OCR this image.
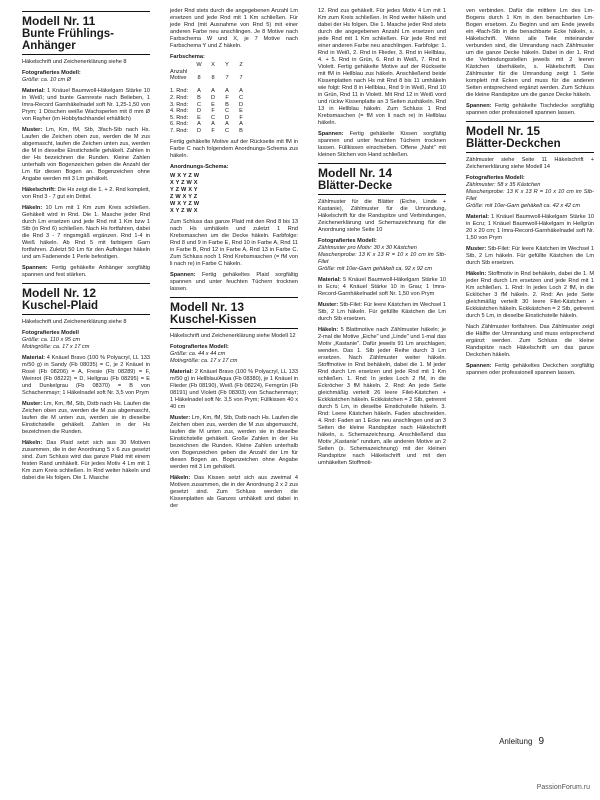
Modell Nr. 11
Bunte Frühlings-Anhänger

Häkelschrift und Zeichenerklärung siehe 8

Fotografiertes Modell:
Größe: ca. 10 cm Ø

Material: 1 Knäuel Baumwoll-Häkelgarn Stärke 10 in Weiß; und bunte Garnreste nach Belieben, 1 Imra-Record Garnhäkelnadel soft Nr. 1,25-1,50 von Prym; 1 Döschen weiße Wachsperlen mit 8 mm Ø von Rayher (im Hobbyfachhandel erhältlich)

Muster: Lm, Km, fM, Stb, 3fach-Stb nach Hs. Laufen die Zeichen oben zus, werden die M zus abgemascht, laufen die Zeichen unten zus, werden die M in dieselbe Einstichstelle gehäkelt. Zahlen in der Hs bezeichnen die Runden. Kleine Zahlen unterhalb von Bogenzeichen geben die Anzahl der Lm für diesen Bogen an. Bogenzeichen ohne Angabe werden mit 3 Lm gehäkelt.

Häkelschrift: Die Hs zeigt die 1. + 2. Rnd komplett, von Rnd 3 - 7 gut ein Drittel.

Häkeln: 10 Lm mit 1 Km zum Kreis schließen. Gehäkelt wird in Rnd. Die 1. Masche jeder Rnd durch Lm ersetzen und jede Rnd mit 1 Km bzw 1 Stb (in Rnd 6) schließen. Nach Hs fortfahren, dabei die Rnd 3 - 7 ringsmgäß ergänzen. Rnd 1-4 in Weiß häkeln. Ab Rnd 5 mit farbigem Garn fortfahren. Zuletzt 50 Lm für den Aufhänger häkeln und am Fadenende 1 Perle befestigen.

Spannen: Fertig gehäkelte Anhänger sorgfältig spannen und fest stärken.

Modell Nr. 12
Kuschel-Plaid

Häkelschrift und Zeichenerklärung siehe 8

Fotografiertes Modell
Größe: ca. 110 x 95 cm
Motivgröße: ca. 17 x 17 cm

Material: 4 Knäuel Bravo (100 % Polyacryl, LL 133 m/50 g) in Sandy (Fb 08035) = C, je 2 Knäuel in Rosé (Fb 08206) = A, Fresie (Fb 08289) = F, Weinrot (Fb 08222) = D, Hellgrau (Fb 08295) = E und Dunkelgrau (Fb 08370) = B von Schachenmayr; 1 Häkelnadel soft Nr. 3,5 von Prym

Muster: Lm, Km, fM, Stb, Dstb nach Hs. Laufen die Zeichen oben zus, werden die M zus abgemascht, laufen die M unten zus, werden sie in dieselbe Einstichstelle gehäkelt. Zahlen in der Hs bezeichnen die Runden.

Häkeln: Das Plaid setzt sich aus 30 Motiven zusammen, die in der Anordnung 5 x 6 zus gesetzt sind. Zum Schluss wird das ganze Plaid mit einem festen Rand umhäkelt. Für jedes Motiv 4 Lm mit 1 Km zum Kreis schließen. In Rnd weiter häkeln und dabei die Hs folgen. Die 1. Masche

jeder Rnd stets durch die angegebenen Anzahl Lm ersetzen und jede Rnd mit 1 Km schließen. Für jede Rnd (mit Ausnahme von Rnd 5) mit einer anderen Farbe neu anschlingen. Je 8 Motive nach Farbschema W und X, je 7 Motive nach Farbschema Y und Z häkeln.

Farbschema:
	W	X	Y	Z
Anzahl				
Motive	8	8	7	7

1. Rnd:	A	A	A	A
2. Rnd:	B	D	F	C
3. Rnd:	C	E	B	D
4. Rnd:	D	F	C	E
5. Rnd:	E	C	D	F
6. Rnd:	A	A	A	A
7. Rnd:	D	F	C	B

Fertig gehäkelte Motive auf der Rückseite mit fM in Farbe C nach folgendem Anordnungs-Schema zus häkeln.

Anordnungs-Schema:
W X Y Z W
X Y Z W X
Y Z W X Y
Z W X Y Z
W X Y Z W
X Y Z W X

Zum Schluss das ganze Plaid mit den Rnd 8 bis 13 nach Hs umhäkeln und zuletzt 1 Rnd Krebsmaschen um die Decke häkeln. Farbfolge: Rnd 8 und 9 in Farbe E, Rnd 10 in Farbe A, Rnd 11 in Farbe B, Rnd 12 in Farbe A, Rnd 13 in Farbe C. Zum Schluss noch 1 Rnd Krebsmaschen (= fM von li nach re) in Farbe C häkeln.

Spannen: Fertig gehäkeltes Plaid sorgfältig spannen und unter feuchten Tüchern trocknen lassen.

Modell Nr. 13
Kuschel-Kissen

Häkelschrift und Zeichenerklärung siehe Modell 12

Fotografiertes Modell:
Größe: ca. 44 x 44 cm
Motivgröße: ca. 17 x 17 cm

Material: 2 Knäuel Bravo (100 % Polyacryl, LL 133 m/50 g) in Hellblau/Aqua (Fb 08380), je 1 Knäuel in Flieder (Fb 08190), Weiß (Fb 08224), Ferngrün (Fb 08191) und Violett (Fb 08303) von Schachenmayr; 1 Häkelnadel soft Nr. 3,5 von Prym; Füllkissen 40 x 40 cm

Muster: Lm, Km, fM, Stb, Dstb nach Hs. Laufen die Zeichen oben zus, werden die M zus abgemascht, laufen die M unten zus, werden sie in dieselbe Einstichstelle gehäkelt. Große Zahlen in der Hs bezeichnen die Runden. Kleine Zahlen unterhalb von Bogenzeichen geben die Anzahl der Lm für diesen Bogen an. Bogenzeichen ohne Angabe werden mit 3 Lm gehäkelt.

Häkeln: Das Kissen setzt sich aus zweimal 4 Motiven zusammen, die in der Anordnung 2 x 2 zus gesetzt sind. Zum Schluss werden die Kissenplatten als Ganzes umhäkelt und dabei in der

12. Rnd zus gehäkelt. Für jedes Motiv 4 Lm mit 1 Km zum Kreis schließen. In Rnd weiter häkeln und dabei der Hs folgen. Die 1. Masche jeder Rnd stets durch die angegebenen Anzahl Lm ersetzen und jede Rnd mit 1 Km schließen. Für jede Rnd mit einer anderen Farbe neu anschlingen. Farbfolge: 1. Rnd in Weiß, 2. Rnd in Flieder, 3. Rnd in Hellblau, 4. + 5. Rnd in Grün, 6. Rnd in Weiß, 7. Rnd in Violett. Fertig gehäkelte Motive auf der Rückseite mit fM in Hellblau zus häkeln. Anschließend beide Kissenplatten nach Hs mit Rnd 8 bis 11 umhäkeln wie folgt: Rnd 8 in Hellblau, Rnd 9 in Weiß, Rnd 10 in Grün, Rnd 11 in Violett. Mit Rnd 12 in Weiß vord und rückw Kissenplatte an 3 Seiten zushäkeln. Rnd 13 in Hellblau häkeln. Zum Schluss 1 Rnd Krebsmaschen (= fM von li nach re) in Hellblau häkeln.

Spannen: Fertig gehäkelte Kissen sorgfältig spannen und unter feuchten Tüchern trocknen lassen. Füllkissen einschieben. Offene „Naht" mit kleinen Stichen von Hand schließen.

Modell Nr. 14
Blätter-Decke

Zählmuster für die Blätter (Eiche, Linde + Kastanie), Zählmuster für die Umrandung, Häkelschrift für die Randspitze und Verbindungen, Zeichenerklärung und Schemazeichnung für die Anordnung siehe Seite 10

Fotografiertes Modell:
Zählmuster pro Motiv: 30 x 30 Kästchen
Maschenprobe: 13 K x 13 R = 10 x 10 cm im Stb-Filet
Größe: mit 10er-Garn gehäkelt ca. 92 x 92 cm

Material: 5 Knäuel Baumwoll-Häkelgarn Stärke 10 in Ecru; 4 Knäuel Stärke 10 in Grau; 1 Imra-Record-Garnhäkelnadel soft Nr. 1,50 von Prym

Muster: Stb-Filet: Für leere Kästchen im Wechsel 1 Stb, 2 Lm häkeln. Für gefüllte Kästchen die Lm durch Stb ersetzen.

Häkeln: 5 Blattmotive nach Zählmuster häkeln; je 2-mal die Motive „Eiche" und „Linde" und 1-mal das Motiv „Kastanie". Dafür jeweils 91 Lm anschlagen, wenden. Das 1. Stb jeder Reihe durch 3 Lm ersetzen. Nach Zählmuster weiter häkeln. Stoffmotive in Rnd behäkeln, dabei die 1. M jeder Rnd durch Lm ersetzen und jede Rnd mit 1 Km schließen. 1. Rnd: In jedes Loch 2 fM, in die Eckröcher 3 fM häkeln. 2. Rnd: An jede Seite gleichmäßig verteilt 26 leere Filet-Kästchen + Eckkästchen häkeln. Eckkästchen = 2 Stb, getrennt durch 5 Lm, in dieselbe Einstichstelle häkeln. 3. Rnd: Leere Kästchen häkeln. Faden abschneiden. 4. Rnd: Faden an 1 Ecke neu anschlingen und an 3 Seiten die kleine Randspitze nach Häkelschrift häkeln, s. Schemazeichnung. Anschließend das Motiv „Kastanie" rundum, alle anderen Motive an 2 Seiten (s. Schemazeichnung) mit der kleinen Randspitze nach Häkelschrift und mit den umhäkelten Stoffmoti-

ven verbinden. Dafür die mittlere Lm des Lm-Bogens durch 1 Km in den benachbarten Lm-Bogen ersetzen. Zu Beginn und am Ende jeweils ein 4fach-Stb in die benachbarte Ecke häkeln, s. Häkelschrift. Wenn alle Teile miteinander verbunden sind, die Umrandung nach Zählmuster um die ganze Decke häkeln. Dabei in der 1. Rnd die Verbindungsstellen jeweils mit 2 leeren Kästchen überhäkeln, s. Häkelschrift. Das Zählmuster für die Umrandung zeigt 1 Seite komplett mit Ecken und muss für die anderen Seiten entsprechend ergänzt werden. Zum Schluss die kleine Randspitze um die ganze Decke häkeln.

Spannen: Fertig gehäkelte Tischdecke sorgfältig spannen oder professionell spannen lassen.

Modell Nr. 15
Blätter-Deckchen

Zählmuster siehe Seite 11 Häkelschrift + Zeichenerklärung siehe Modell 14

Fotografiertes Modell:
Zählmuster: 58 x 35 Kästchen
Maschenprobe: 13 K x 13 R = 10 x 10 cm im Stb-Filet
Größe: mit 10er-Garn gehäkelt ca. 42 x 42 cm

Material: 1 Knäuel Baumwoll-Häkelgarn Stärke 10 in Ecru; 1 Knäuel Baumwoll-Häkelgarn in Hellgrün 20 x 20 cm; 1 Imra-Record-Garnhäkelnadel soft Nr. 1,50 von Prym

Muster: Stb-Filet: Für leere Kästchen im Wechsel 1 Stb, 2 Lm häkeln. Für gefüllte Kästchen die Lm durch Stb ersetzen.

Häkeln: Stoffmotiv in Rnd behäkeln, dabei die 1. M jeder Rnd durch Lm ersetzen und jede Rnd mit 1 Km schließen. 1. Rnd: In jedes Loch 2 fM, in die Ecklöcher 3 fM häkeln. 2. Rnd: An jede Seite gleichmäßig verteilt 30 leere Filet-Kästchen + Eckkästchen häkeln. Eckkästchen = 2 Stb, getrennt durch 5 Lm, in dieselbe Einstichstelle häkeln.

Nach Zählmuster fortfahren. Das Zählmuster zeigt die Hälfte der Umrandung und muss entsprechend ergänzt werden. Zum Schluss die kleine Randspitze nach Häkelschrift um das ganze Deckchen häkeln.

Spannen: Fertig gehäkeltes Deckchen sorgfältig spannen oder professionell spannen lassen.

Anleitung 9
PassionForum.ru
